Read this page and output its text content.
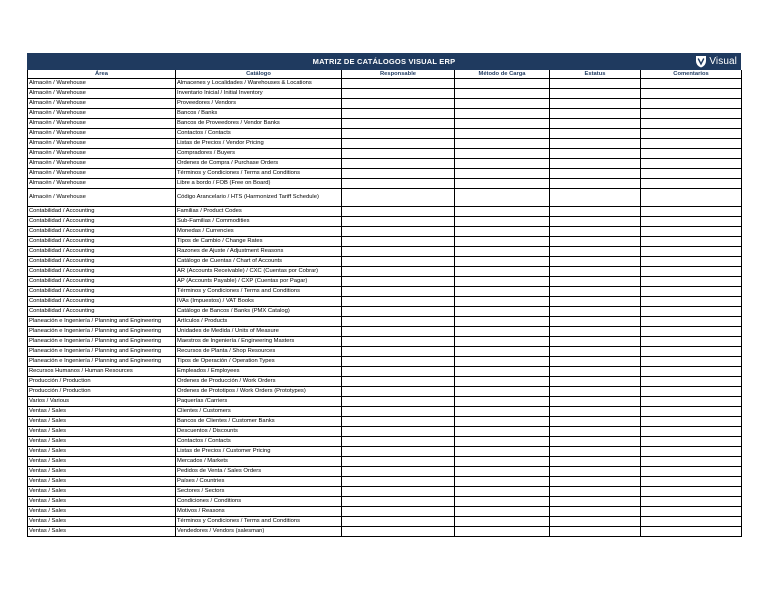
MATRIZ DE CATÁLOGOS VISUAL ERP	Visual
Área	Catálogo	Responsable	Método de Carga	Estatus	Comentarios
Almacén / Warehouse	Almacenes y Localidades / Warehouses & Locations				
Almacén / Warehouse	Inventario Inicial / Initial Inventory				
Almacén / Warehouse	Proveedores / Vendors				
Almacén / Warehouse	Bancos / Banks				
Almacén / Warehouse	Bancos de Proveedores / Vendor Banks				
Almacén / Warehouse	Contactos / Contacts				
Almacén / Warehouse	Listas de Precios / Vendor Pricing				
Almacén / Warehouse	Compradores / Buyers				
Almacén / Warehouse	Ordenes de Compra / Purchase Orders				
Almacén / Warehouse	Términos y Condiciones / Terms and Conditions				
Almacén / Warehouse	Libre a bordo / FOB (Free on Board)				
Almacén / Warehouse	Código Arancelario / HTS (Harmonized Tariff Schedule)				
Contabilidad / Accounting	Familias / Product Codes				
Contabilidad / Accounting	Sub-Familias / Commodities				
Contabilidad / Accounting	Monedas / Currencies				
Contabilidad / Accounting	Tipos de Cambio / Change Rates				
Contabilidad / Accounting	Razones de Ajuste / Adjustment Reasons				
Contabilidad / Accounting	Catálogo de Cuentas / Chart of Accounts				
Contabilidad / Accounting	AR (Accounts Receivable) / CXC (Cuentas por Cobrar)				
Contabilidad / Accounting	AP (Accounts Payable) / CXP (Cuentas por Pagar)				
Contabilidad / Accounting	Términos y Condiciones / Terms and Conditions				
Contabilidad / Accounting	IVAs (Impuestos) / VAT Books				
Contabilidad / Accounting	Catálogo de Bancos / Banks (PMX Catalog)				
Planeación e Ingeniería / Planning and Engineering	Artículos / Products				
Planeación e Ingeniería / Planning and Engineering	Unidades de Medida / Units of Measure				
Planeación e Ingeniería / Planning and Engineering	Maestros de Ingeniería / Engineering Masters				
Planeación e Ingeniería / Planning and Engineering	Recursos de Planta / Shop Resources				
Planeación e Ingeniería / Planning and Engineering	Tipos de Operación / Operation Types				
Recursos Humanos / Human Resources	Empleados / Employees				
Producción / Production	Ordenes de Producción / Work Orders				
Producción / Production	Ordenes de Prototipos / Work Orders (Prototypes)				
Varios / Various	Paquerías /Carriers				
Ventas / Sales	Clientes / Customers				
Ventas / Sales	Bancos de Clientes / Customer Banks				
Ventas / Sales	Descuentos / Discounts				
Ventas / Sales	Contactos / Contacts				
Ventas / Sales	Listas de Precios / Customer Pricing				
Ventas / Sales	Mercados / Markets				
Ventas / Sales	Pedidos de Venta / Sales Orders				
Ventas / Sales	Países / Countries				
Ventas / Sales	Sectores / Sectors				
Ventas / Sales	Condiciones / Conditions				
Ventas / Sales	Motivos / Reasons				
Ventas / Sales	Términos y Condiciones / Terms and Conditions				
Ventas / Sales	Vendedores / Vendors (salesman)				
